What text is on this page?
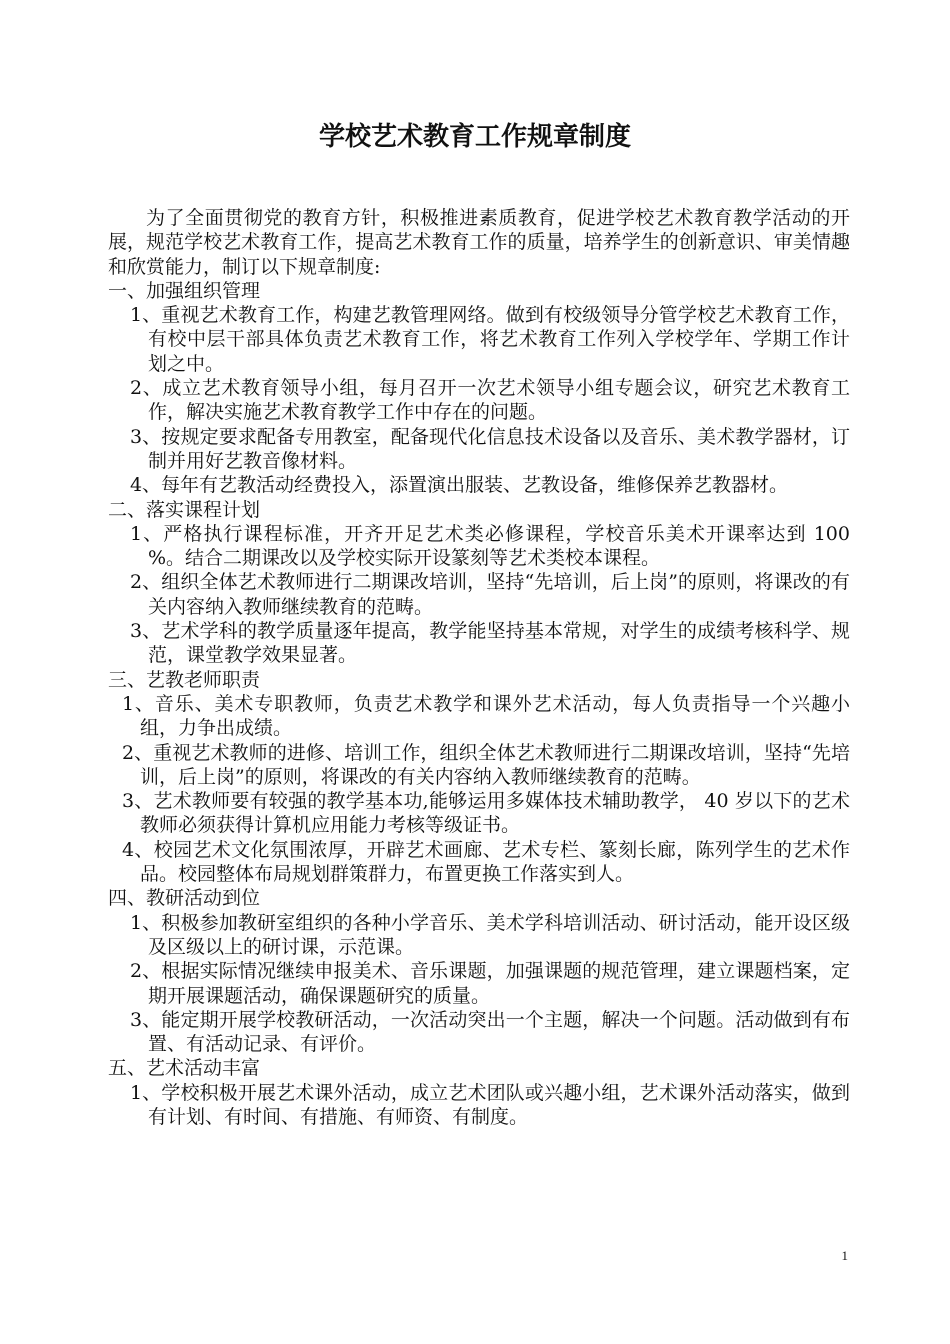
学校艺术教育工作规章制度

为了全面贯彻党的教育方针，积极推进素质教育，促进学校艺术教育教学活动的开展，规范学校艺术教育工作，提高艺术教育工作的质量，培养学生的创新意识、审美情趣和欣赏能力，制订以下规章制度:

一、加强组织管理

1、重视艺术教育工作，构建艺教管理网络。做到有校级领导分管学校艺术教育工作，有校中层干部具体负责艺术教育工作，将艺术教育工作列入学校学年、学期工作计划之中。

2、成立艺术教育领导小组，每月召开一次艺术领导小组专题会议，研究艺术教育工作，解决实施艺术教育教学工作中存在的问题。

3、按规定要求配备专用教室，配备现代化信息技术设备以及音乐、美术教学器材，订制并用好艺教音像材料。

4、每年有艺教活动经费投入，添置演出服装、艺教设备，维修保养艺教器材。

二、落实课程计划

1、严格执行课程标准，开齐开足艺术类必修课程，学校音乐美术开课率达到 100 %。结合二期课改以及学校实际开设篆刻等艺术类校本课程。

2、组织全体艺术教师进行二期课改培训，坚持“先培训，后上岗”的原则，将课改的有关内容纳入教师继续教育的范畴。

3、艺术学科的教学质量逐年提高，教学能坚持基本常规，对学生的成绩考核科学、规范，课堂教学效果显著。

三、艺教老师职责

1、音乐、美术专职教师，负责艺术教学和课外艺术活动，每人负责指导一个兴趣小组，力争出成绩。

2、重视艺术教师的进修、培训工作，组织全体艺术教师进行二期课改培训，坚持“先培训，后上岗”的原则，将课改的有关内容纳入教师继续教育的范畴。

3、艺术教师要有较强的教学基本功,能够运用多媒体技术辅助教学， 40 岁以下的艺术教师必须获得计算机应用能力考核等级证书。

4、校园艺术文化氛围浓厚，开辟艺术画廊、艺术专栏、篆刻长廊，陈列学生的艺术作品。校园整体布局规划群策群力，布置更换工作落实到人。

四、教研活动到位

1、积极参加教研室组织的各种小学音乐、美术学科培训活动、研讨活动，能开设区级及区级以上的研讨课，示范课。

2、根据实际情况继续申报美术、音乐课题，加强课题的规范管理，建立课题档案，定期开展课题活动，确保课题研究的质量。

3、能定期开展学校教研活动，一次活动突出一个主题，解决一个问题。活动做到有布置、有活动记录、有评价。

五、艺术活动丰富

1、学校积极开展艺术课外活动，成立艺术团队或兴趣小组，艺术课外活动落实，做到有计划、有时间、有措施、有师资、有制度。

1
